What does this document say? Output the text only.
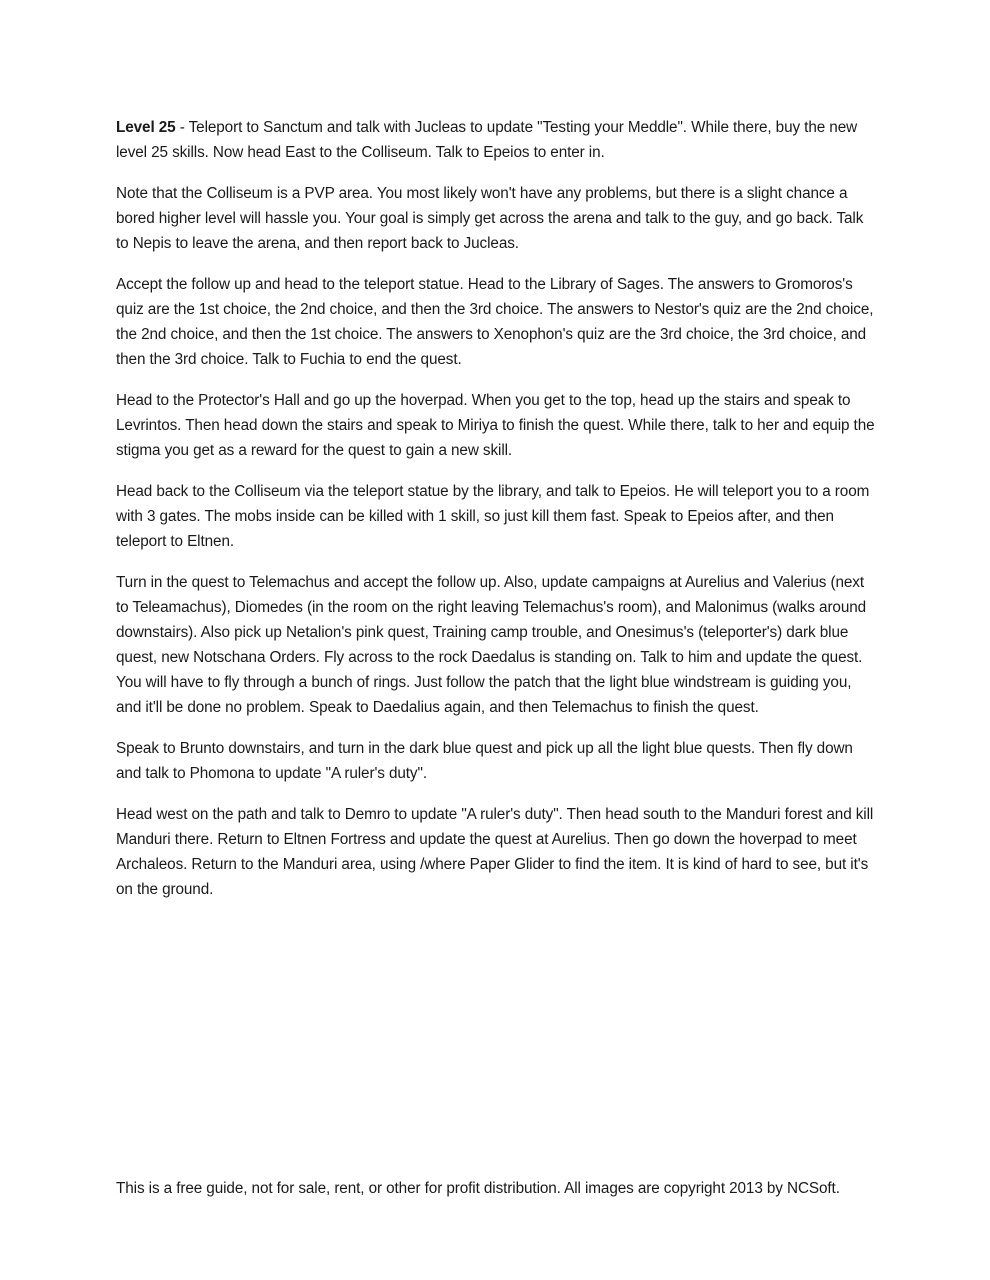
Level 25 - Teleport to Sanctum and talk with Jucleas to update "Testing your Meddle". While there, buy the new level 25 skills. Now head East to the Colliseum. Talk to Epeios to enter in.

Note that the Colliseum is a PVP area. You most likely won't have any problems, but there is a slight chance a bored higher level will hassle you. Your goal is simply get across the arena and talk to the guy, and go back. Talk to Nepis to leave the arena, and then report back to Jucleas.

Accept the follow up and head to the teleport statue. Head to the Library of Sages. The answers to Gromoros's quiz are the 1st choice, the 2nd choice, and then the 3rd choice. The answers to Nestor's quiz are the 2nd choice, the 2nd choice, and then the 1st choice. The answers to Xenophon's quiz are the 3rd choice, the 3rd choice, and then the 3rd choice. Talk to Fuchia to end the quest.

Head to the Protector's Hall and go up the hoverpad. When you get to the top, head up the stairs and speak to Levrintos. Then head down the stairs and speak to Miriya to finish the quest. While there, talk to her and equip the stigma you get as a reward for the quest to gain a new skill.

Head back to the Colliseum via the teleport statue by the library, and talk to Epeios. He will teleport you to a room with 3 gates. The mobs inside can be killed with 1 skill, so just kill them fast. Speak to Epeios after, and then teleport to Eltnen.

Turn in the quest to Telemachus and accept the follow up. Also, update campaigns at Aurelius and Valerius (next to Teleamachus), Diomedes (in the room on the right leaving Telemachus's room), and Malonimus (walks around downstairs). Also pick up Netalion's pink quest, Training camp trouble, and Onesimus's (teleporter's) dark blue quest, new Notschana Orders. Fly across to the rock Daedalus is standing on. Talk to him and update the quest. You will have to fly through a bunch of rings. Just follow the patch that the light blue windstream is guiding you, and it'll be done no problem. Speak to Daedalius again, and then Telemachus to finish the quest.

Speak to Brunto downstairs, and turn in the dark blue quest and pick up all the light blue quests. Then fly down and talk to Phomona to update "A ruler's duty".

Head west on the path and talk to Demro to update "A ruler's duty". Then head south to the Manduri forest and kill Manduri there. Return to Eltnen Fortress and update the quest at Aurelius. Then go down the hoverpad to meet Archaleos. Return to the Manduri area, using /where Paper Glider to find the item. It is kind of hard to see, but it's on the ground.

This is a free guide, not for sale, rent, or other for profit distribution. All images are copyright 2013 by NCSoft.
